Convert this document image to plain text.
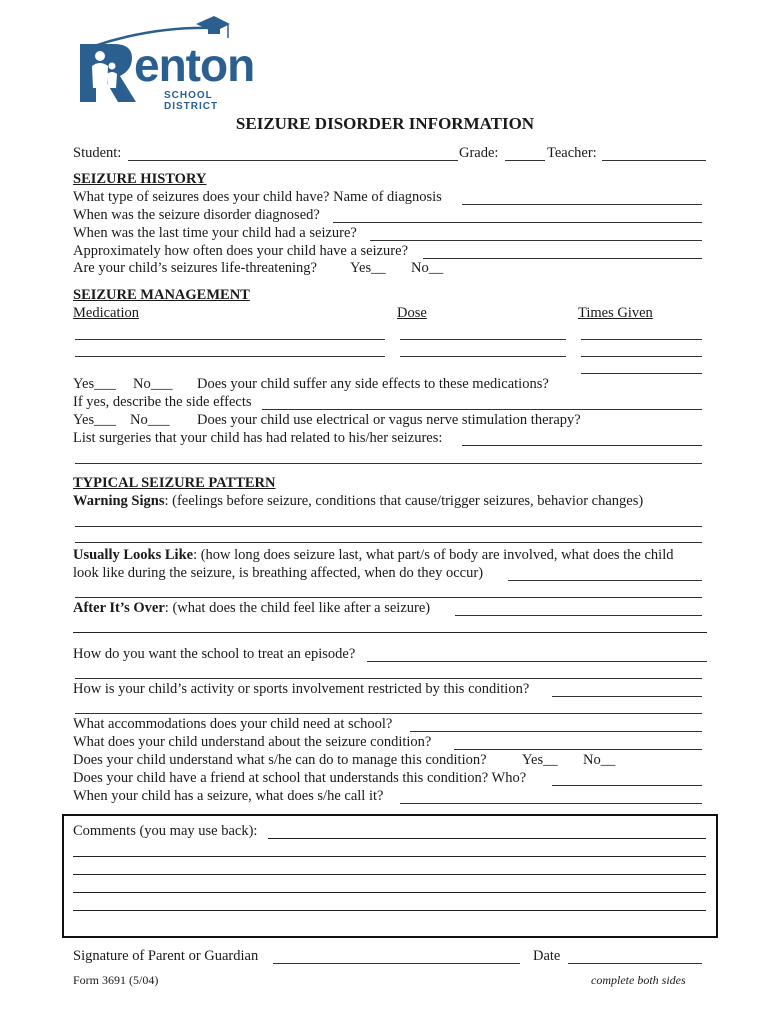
enton
SCHOOL DISTRICT
SEIZURE DISORDER INFORMATION
Student:	Grade:	Teacher:
SEIZURE HISTORY
What type of seizures does your child have? Name of diagnosis
When was the seizure disorder diagnosed?
When was the last time your child had a seizure?
Approximately how often does your child have a seizure?
Are your child’s seizures life-threatening? Yes__ No__
SEIZURE MANAGEMENT
Medication	Dose	Times Given
Yes___ No___ Does your child suffer any side effects to these medications?
If yes, describe the side effects
Yes___ No___ Does your child use electrical or vagus nerve stimulation therapy?
List surgeries that your child has had related to his/her seizures:
TYPICAL SEIZURE PATTERN
Warning Signs: (feelings before seizure, conditions that cause/trigger seizures, behavior changes)
Usually Looks Like: (how long does seizure last, what part/s of body are involved, what does the child
look like during the seizure, is breathing affected, when do they occur)
After It’s Over: (what does the child feel like after a seizure)
How do you want the school to treat an episode?
How is your child’s activity or sports involvement restricted by this condition?
What accommodations does your child need at school?
What does your child understand about the seizure condition?
Does your child understand what s/he can do to manage this condition? Yes__ No__
Does your child have a friend at school that understands this condition? Who?
When your child has a seizure, what does s/he call it?
Comments (you may use back):
Signature of Parent or Guardian	Date
Form 3691 (5/04)	complete both sides
